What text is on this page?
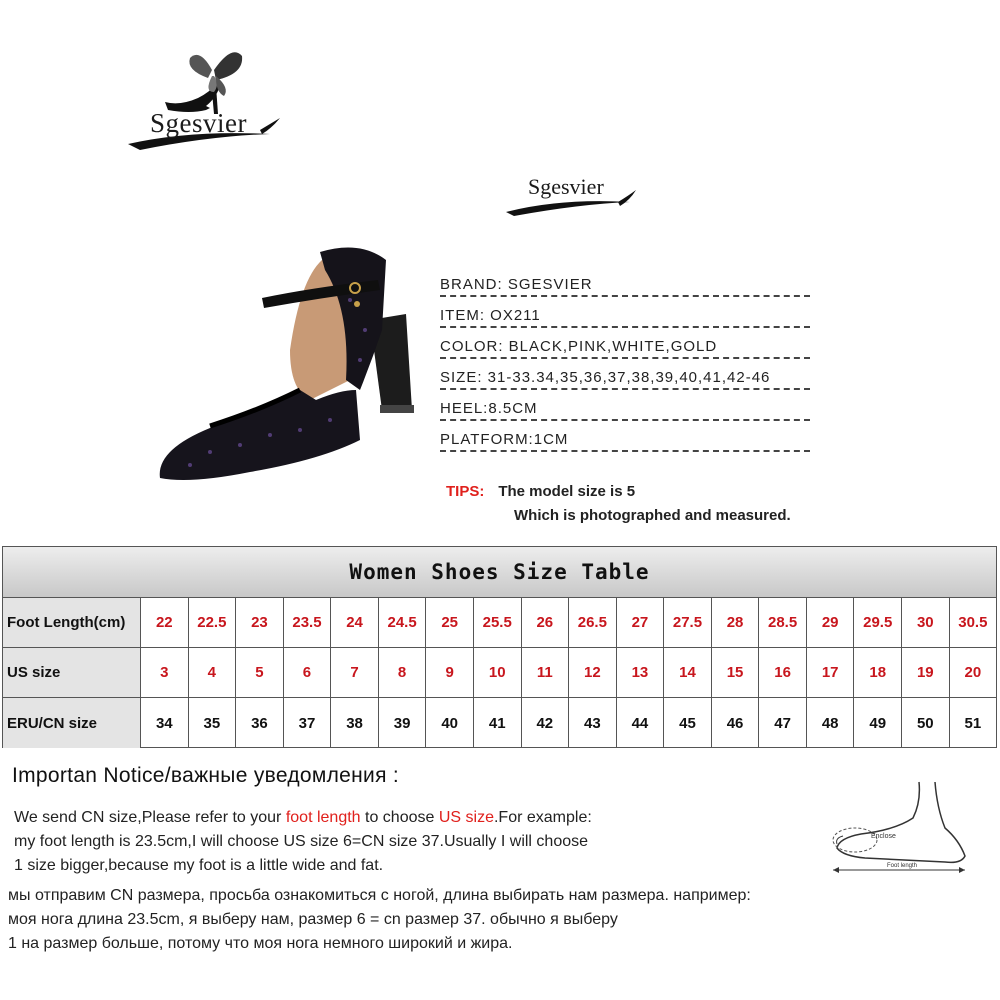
Sgesvier
Sgesvier
BRAND: SGESVIER
ITEM: OX211
COLOR: BLACK,PINK,WHITE,GOLD
SIZE: 31-33.34,35,36,37,38,39,40,41,42-46
HEEL:8.5CM
PLATFORM:1CM
TIPS: The model size is 5
Which is photographed and measured.
Women Shoes Size Table
Foot Length(cm)	22	22.5	23	23.5	24	24.5	25	25.5	26	26.5	27	27.5	28	28.5	29	29.5	30	30.5
US size	3	4	5	6	7	8	9	10	11	12	13	14	15	16	17	18	19	20
ERU/CN size	34	35	36	37	38	39	40	41	42	43	44	45	46	47	48	49	50	51
Importan Notice/важные уведомления :
We send CN size,Please refer to your foot length to choose US size.For example:
my foot length is 23.5cm,I will choose US size 6=CN size 37.Usually I will choose
1 size bigger,because my foot is a little wide and fat.
мы отправим CN размера, просьба ознакомиться с ногой, длина выбирать нам размера. например:
моя нога длина 23.5cm, я выберу нам, размер 6 = cn размер 37. обычно я выберу
1 на размер больше, потому что моя нога немного широкий и жира.
Enclose
Foot length
